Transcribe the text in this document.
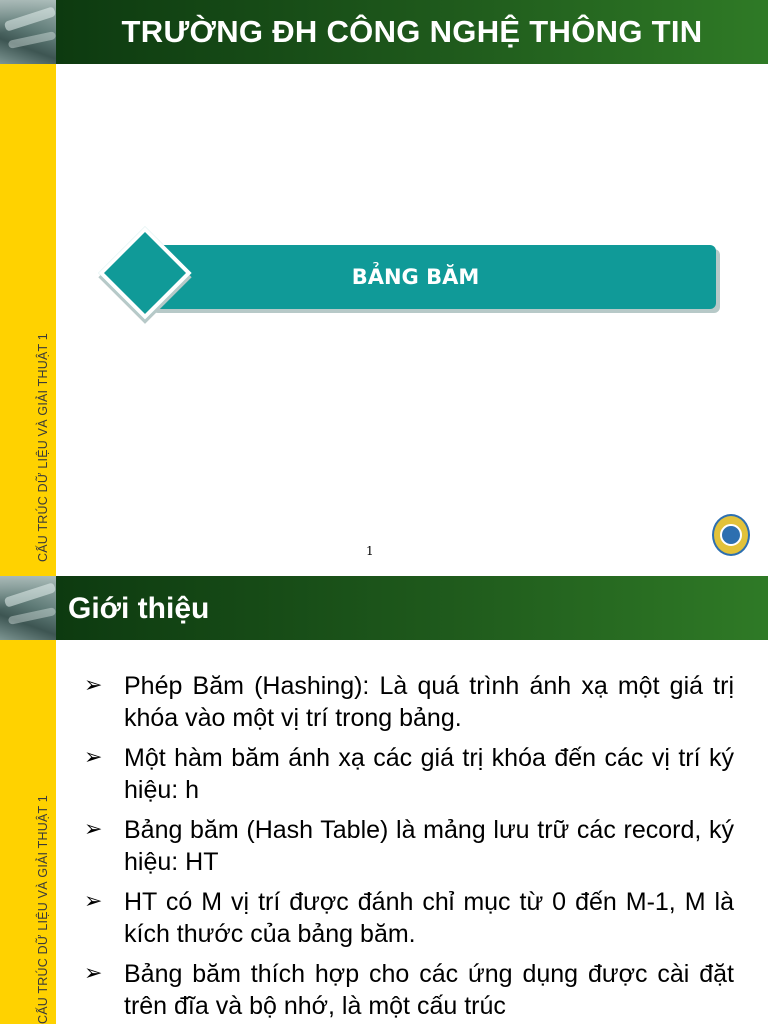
TRƯỜNG ĐH CÔNG NGHỆ THÔNG TIN
CẤU TRÚC DỮ LIỆU VÀ GIẢI THUẬT 1
BẢNG BĂM
1
Giới thiệu
CẤU TRÚC DỮ LIỆU VÀ GIẢI THUẬT 1
➢ Phép Băm (Hashing): Là quá trình ánh xạ một giá trị khóa vào một vị trí trong bảng.
➢ Một hàm băm ánh xạ các giá trị khóa đến các vị trí ký hiệu: h
➢ Bảng băm (Hash Table) là mảng lưu trữ các record, ký hiệu: HT
➢ HT có M vị trí được đánh chỉ mục từ 0 đến M-1, M là kích thước của bảng băm.
➢ Bảng băm thích hợp cho các ứng dụng được cài đặt trên đĩa và bộ nhớ, là một cấu trúc
